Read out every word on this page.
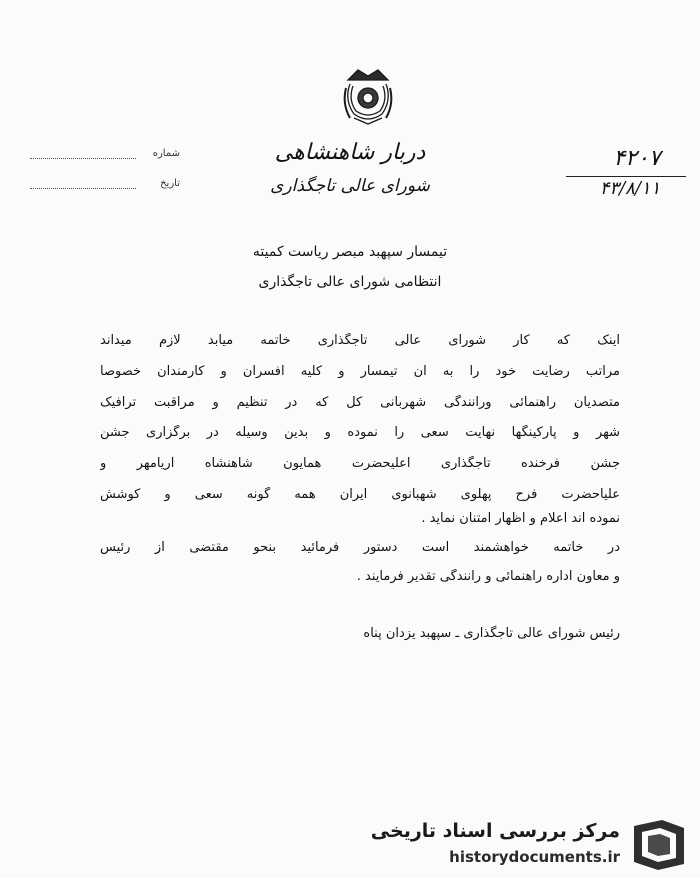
دربار شاهنشاهی
شورای عالی تاجگذاری
شماره
تاریخ
۴۲۰۷
۴۳/۸/۱۱
تیمسار سپهبد مبصر ریاست کمیته
انتظامی شورای عالی تاجگذاری
اینک که کار شورای عالی تاجگذاری خاتمه میابد لازم میداند
مراتب رضایت خود را به آن تیمسار و کلیه افسران و کارمندان خصوصا
متصدیان راهنمائی ورانندگی شهربانی کل که در تنظیم و مراقبت ترافیک
شهر و پارکینگها نهایت سعی را نموده و بدین وسیله در برگزاری جشن
جشن فرخنده تاجگذاری اعلیحضرت همایون شاهنشاه آریامهر و
علیاحضرت فرح پهلوی شهبانوی ایران همه گونه سعی و کوشش
نموده اند اعلام و اظهار امتنان نماید .
در خاتمه خواهشمند است دستور فرمائید بنحو مقتضی از رئیس
و معاون اداره راهنمائی و رانندگی تقدیر فرمایند .
رئیس شورای عالی تاجگذاری ـ سپهبد یزدان پناه
مرکز بررسی اسناد تاریخی
historydocuments.ir
